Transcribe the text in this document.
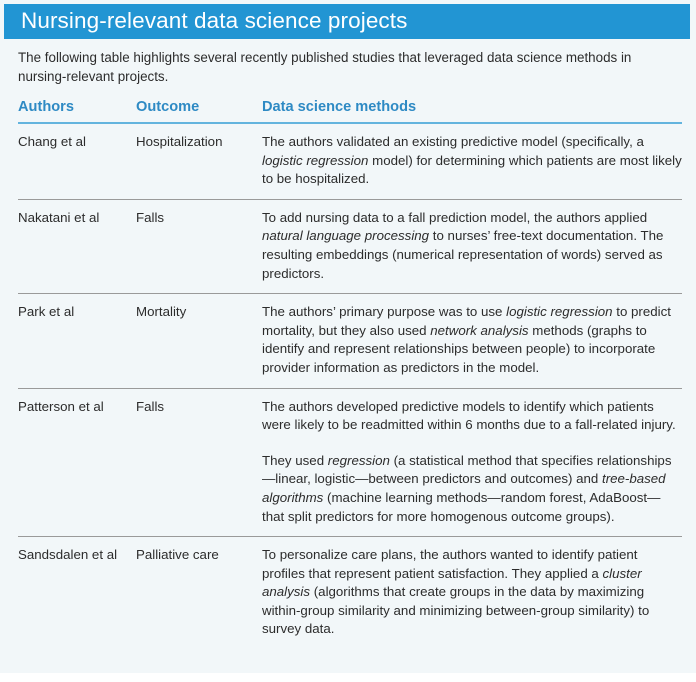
Nursing-relevant data science projects
The following table highlights several recently published studies that leveraged data science methods in nursing-relevant projects.
Authors	Outcome	Data science methods
Chang et al	Hospitalization	The authors validated an existing predictive model (specifically, a logistic regression model) for determining which patients are most likely to be hospitalized.

Nakatani et al	Falls	To add nursing data to a fall prediction model, the authors applied natural language processing to nurses’ free-text documentation. The resulting embeddings (numerical representation of words) served as predictors.

Park et al	Mortality	The authors’ primary purpose was to use logistic regression to predict mortality, but they also used network analysis methods (graphs to identify and represent relationships between people) to incorporate provider information as predictors in the model.

Patterson et al	Falls	The authors developed predictive models to identify which patients were likely to be readmitted within 6 months due to a fall-related injury.

They used regression (a statistical method that specifies relationships—linear, logistic—between predictors and outcomes) and tree-based algorithms (machine learning methods—random forest, AdaBoost—that split predictors for more homogenous outcome groups).

Sandsdalen et al	Palliative care	To personalize care plans, the authors wanted to identify patient profiles that represent patient satisfaction. They applied a cluster analysis (algorithms that create groups in the data by maximizing within-group similarity and minimizing between-group similarity) to survey data.
